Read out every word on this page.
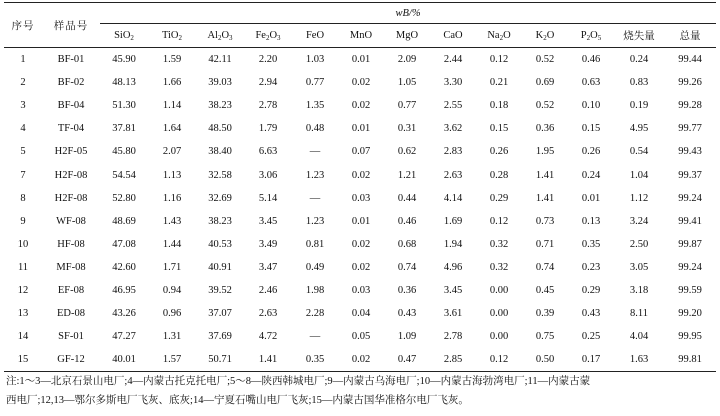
序号	样品号	wB/%												
		SiO$_2$	TiO$_2$	$Al_2O_3$	$Fe_2O_3$	FeO	MnO	MgO	CaO	$Na_2O$	$K_2O$	$P_2O_5$	烧失量	总量
1	BF-01	45.90	1.59	42.11	2.20	1.03	0.01	2.09	2.44	0.12	0.52	0.46	0.24	99.44
2	BF-02	48.13	1.66	39.03	2.94	0.77	0.02	1.05	3.30	0.21	0.69	0.63	0.83	99.26
3	BF-04	51.30	1.14	38.23	2.78	1.35	0.02	0.77	2.55	0.18	0.52	0.10	0.19	99.28
4	TF-04	37.81	1.64	48.50	1.79	0.48	0.01	0.31	3.62	0.15	0.36	0.15	4.95	99.77
5	H2F-05	45.80	2.07	38.40	6.63	—	0.07	0.62	2.83	0.26	1.95	0.26	0.54	99.43
7	H2F-08	54.54	1.13	32.58	3.06	1.23	0.02	1.21	2.63	0.28	1.41	0.24	1.04	99.37
8	H2F-08	52.80	1.16	32.69	5.14	—	0.03	0.44	4.14	0.29	1.41	0.01	1.12	99.24
9	WF-08	48.69	1.43	38.23	3.45	1.23	0.01	0.46	1.69	0.12	0.73	0.13	3.24	99.41
10	HF-08	47.08	1.44	40.53	3.49	0.81	0.02	0.68	1.94	0.32	0.71	0.35	2.50	99.87
11	MF-08	42.60	1.71	40.91	3.47	0.49	0.02	0.74	4.96	0.32	0.74	0.23	3.05	99.24
12	EF-08	46.95	0.94	39.52	2.46	1.98	0.03	0.36	3.45	0.00	0.45	0.29	3.18	99.59
13	ED-08	43.26	0.96	37.07	2.63	2.28	0.04	0.43	3.61	0.00	0.39	0.43	8.11	99.20
14	SF-01	47.27	1.31	37.69	4.72	—	0.05	1.09	2.78	0.00	0.75	0.25	4.04	99.95
15	GF-12	40.01	1.57	50.71	1.41	0.35	0.02	0.47	2.85	0.12	0.50	0.17	1.63	99.81
注:1～3—北京石景山电厂;4—内蒙古托克托电厂;5～8—陕西韩城电厂;9—内蒙古乌海电厂;10—内蒙古海勃湾电厂;11—内蒙古蒙
西电厂;12,13—鄂尔多斯电厂飞灰、底灰;14—宁夏石嘴山电厂飞灰;15—内蒙古国华准格尔电厂飞灰。
